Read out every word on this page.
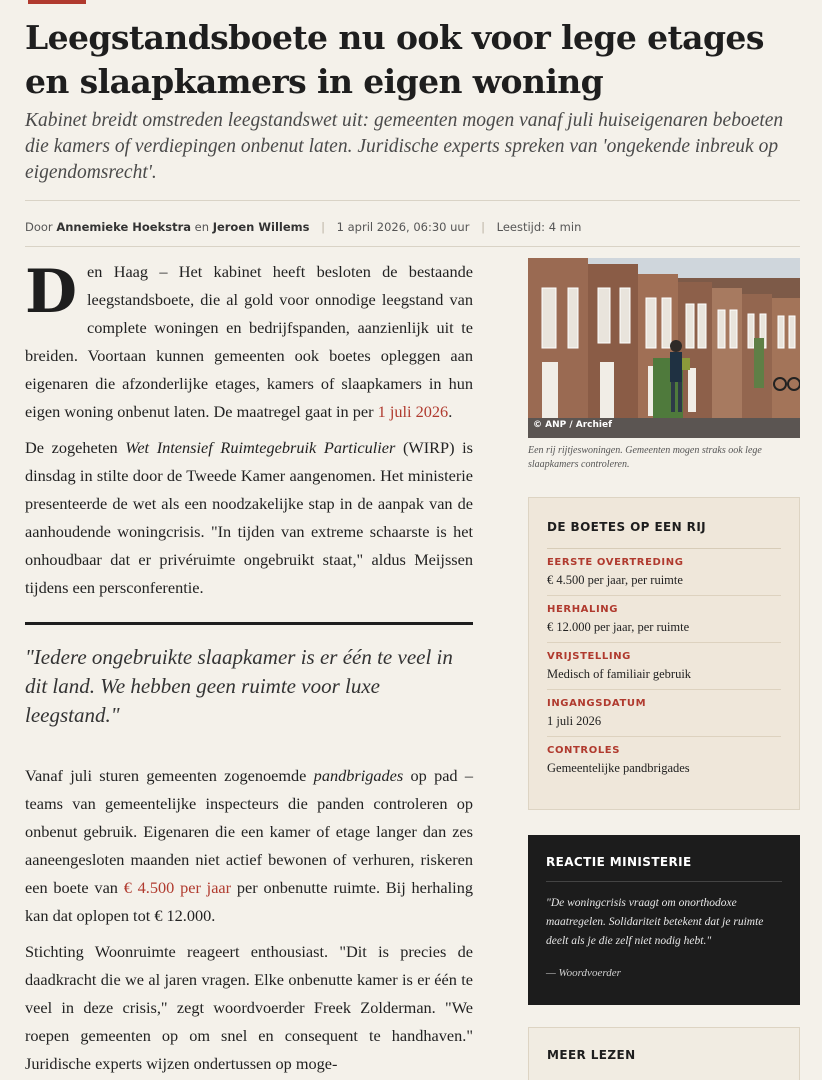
Leegstandsboete nu ook voor lege etages en slaapkamers in eigen woning

Kabinet breidt omstreden leegstandswet uit: gemeenten mogen vanaf juli huiseigenaren beboeten die kamers of verdiepingen onbenut laten. Juridische experts spreken van 'ongekende inbreuk op eigendomsrecht'.

Door Annemieke Hoekstra en Jeroen Willems | 1 april 2026, 06:30 uur | Leestijd: 4 min

Den Haag – Het kabinet heeft besloten de bestaande leegstandsboete, die al gold voor onnodige leegstand van complete woningen en bedrijfspanden, aanzienlijk uit te breiden. Voortaan kunnen gemeenten ook boetes opleggen aan eigenaren die afzonderlijke etages, kamers of slaapkamers in hun eigen woning onbenut laten. De maatregel gaat in per 1 juli 2026.

De zogeheten Wet Intensief Ruimtegebruik Particulier (WIRP) is dinsdag in stilte door de Tweede Kamer aangenomen. Het ministerie presenteerde de wet als een noodzakelijke stap in de aanpak van de aanhoudende woningcrisis. "In tijden van extreme schaarste is het onhoudbaar dat er privéruimte ongebruikt staat," aldus Meijssen tijdens een persconferentie.

"Iedere ongebruikte slaapkamer is er één te veel in dit land. We hebben geen ruimte voor luxe leegstand."

Vanaf juli sturen gemeenten zogenoemde pandbrigades op pad – teams van gemeentelijke inspecteurs die panden controleren op onbenut gebruik. Eigenaren die een kamer of etage langer dan zes aaneengesloten maanden niet actief bewonen of verhuren, riskeren een boete van € 4.500 per jaar per onbenutte ruimte. Bij herhaling kan dat oplopen tot € 12.000.

Stichting Woonruimte reageert enthousiast. "Dit is precies de daadkracht die we al jaren vragen. Elke onbenutte kamer is er één te veel in deze crisis," zegt woordvoerder Freek Zolderman. "We roepen gemeenten op om snel en consequent te handhaven." Juridische experts wijzen ondertussen op moge-

© ANP / Archief

Een rij rijtjeswoningen. Gemeenten mogen straks ook lege slaapkamers controleren.

DE BOETES OP EEN RIJ
EERSTE OVERTREDING
€ 4.500 per jaar, per ruimte
HERHALING
€ 12.000 per jaar, per ruimte
VRIJSTELLING
Medisch of familiair gebruik
INGANGSDATUM
1 juli 2026
CONTROLES
Gemeentelijke pandbrigades
REACTIE MINISTERIE

"De woningcrisis vraagt om onorthodoxe maatregelen. Solidariteit betekent dat je ruimte deelt als je die zelf niet nodig hebt."

— Woordvoerder

MEER LEZEN
